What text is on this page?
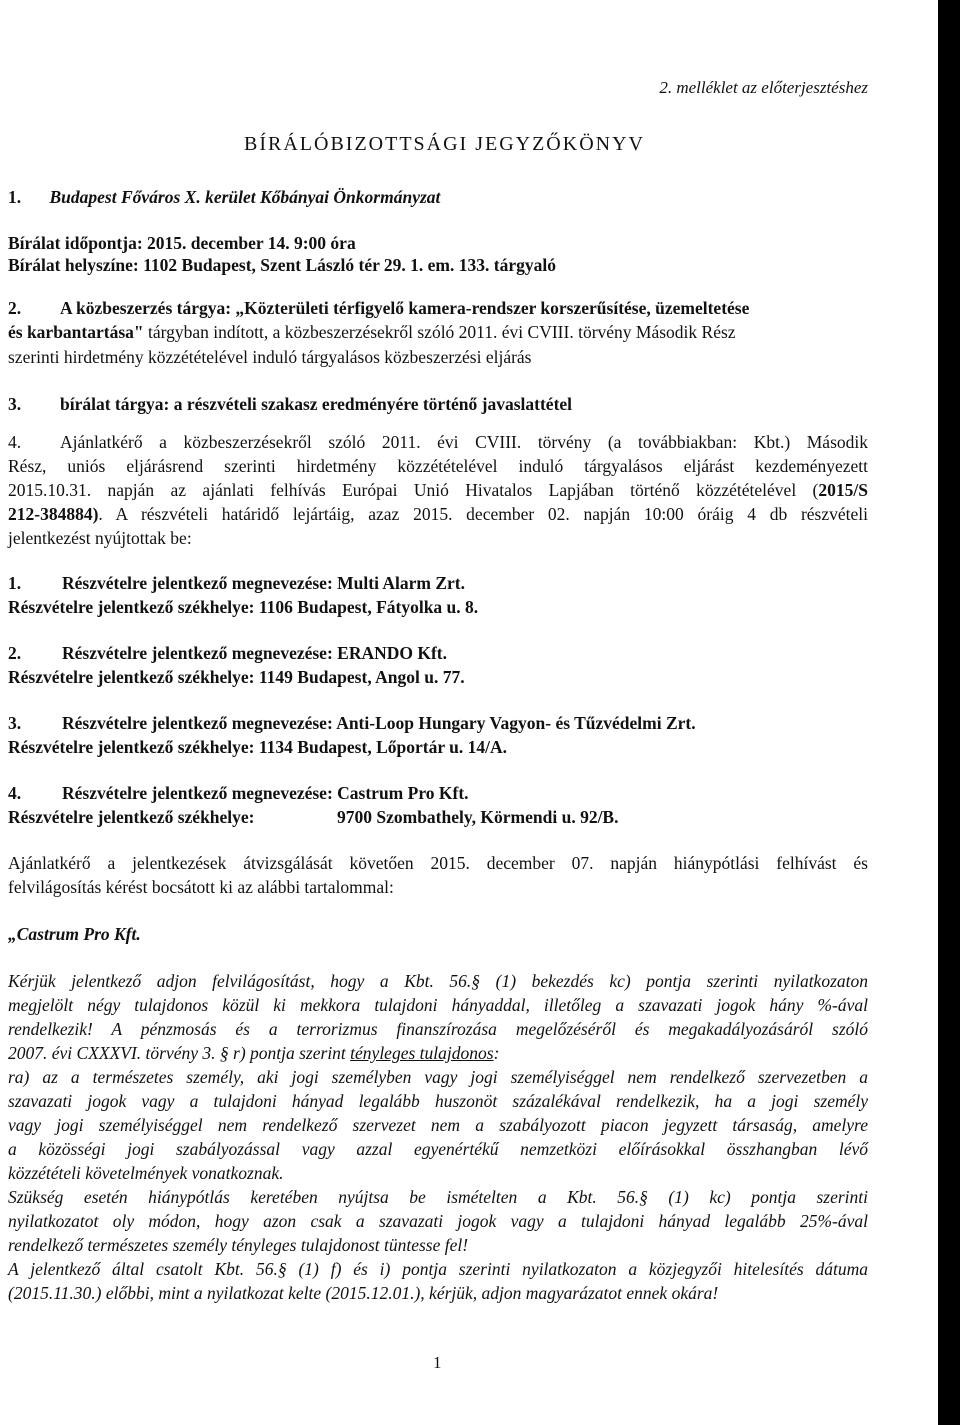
2. melléklet az előterjesztéshez
BÍRÁLÓBIZOTTSÁGI JEGYZŐKÖNYV
1. Budapest Főváros X. kerület Kőbányai Önkormányzat
Bírálat időpontja: 2015. december 14. 9:00 óra
Bírálat helyszíne: 1102 Budapest, Szent László tér 29. 1. em. 133. tárgyaló
2. A közbeszerzés tárgya: „Közterületi térfigyelő kamera-rendszer korszerűsítése, üzemeltetése
és karbantartása" tárgyban indított, a közbeszerzésekről szóló 2011. évi CVIII. törvény Második Rész
szerinti hirdetmény közzétételével induló tárgyalásos közbeszerzési eljárás
3. bírálat tárgya: a részvételi szakasz eredményére történő javaslattétel
4. Ajánlatkérő a közbeszerzésekről szóló 2011. évi CVIII. törvény (a továbbiakban: Kbt.) Második
Rész, uniós eljárásrend szerinti hirdetmény közzétételével induló tárgyalásos eljárást kezdeményezett
2015.10.31. napján az ajánlati felhívás Európai Unió Hivatalos Lapjában történő közzétételével (2015/S
212-384884). A részvételi határidő lejártáig, azaz 2015. december 02. napján 10:00 óráig 4 db részvételi
jelentkezést nyújtottak be:
1. Részvételre jelentkező megnevezése: Multi Alarm Zrt.
Részvételre jelentkező székhelye: 1106 Budapest, Fátyolka u. 8.
2. Részvételre jelentkező megnevezése: ERANDO Kft.
Részvételre jelentkező székhelye: 1149 Budapest, Angol u. 77.
3. Részvételre jelentkező megnevezése: Anti-Loop Hungary Vagyon- és Tűzvédelmi Zrt.
Részvételre jelentkező székhelye: 1134 Budapest, Lőportár u. 14/A.
4. Részvételre jelentkező megnevezése: Castrum Pro Kft.
Részvételre jelentkező székhelye:	9700 Szombathely, Körmendi u. 92/B.
Ajánlatkérő a jelentkezések átvizsgálását követően 2015. december 07. napján hiánypótlási felhívást és
felvilágosítás kérést bocsátott ki az alábbi tartalommal:
„Castrum Pro Kft.
Kérjük jelentkező adjon felvilágosítást, hogy a Kbt. 56.§ (1) bekezdés kc) pontja szerinti nyilatkozaton
megjelölt négy tulajdonos közül ki mekkora tulajdoni hányaddal, illetőleg a szavazati jogok hány %-ával
rendelkezik! A pénzmosás és a terrorizmus finanszírozása megelőzéséről és megakadályozásáról szóló
2007. évi CXXXVI. törvény 3. § r) pontja szerint tényleges tulajdonos:
ra) az a természetes személy, aki jogi személyben vagy jogi személyiséggel nem rendelkező szervezetben a
szavazati jogok vagy a tulajdoni hányad legalább huszonöt százalékával rendelkezik, ha a jogi személy
vagy jogi személyiséggel nem rendelkező szervezet nem a szabályozott piacon jegyzett társaság, amelyre
a közösségi jogi szabályozással vagy azzal egyenértékű nemzetközi előírásokkal összhangban lévő
közzétételi követelmények vonatkoznak.
Szükség esetén hiánypótlás keretében nyújtsa be ismételten a Kbt. 56.§ (1) kc) pontja szerinti
nyilatkozatot oly módon, hogy azon csak a szavazati jogok vagy a tulajdoni hányad legalább 25%-ával
rendelkező természetes személy tényleges tulajdonost tüntesse fel!
A jelentkező által csatolt Kbt. 56.§ (1) f) és i) pontja szerinti nyilatkozaton a közjegyzői hitelesítés dátuma
(2015.11.30.) előbbi, mint a nyilatkozat kelte (2015.12.01.), kérjük, adjon magyarázatot ennek okára!
1
